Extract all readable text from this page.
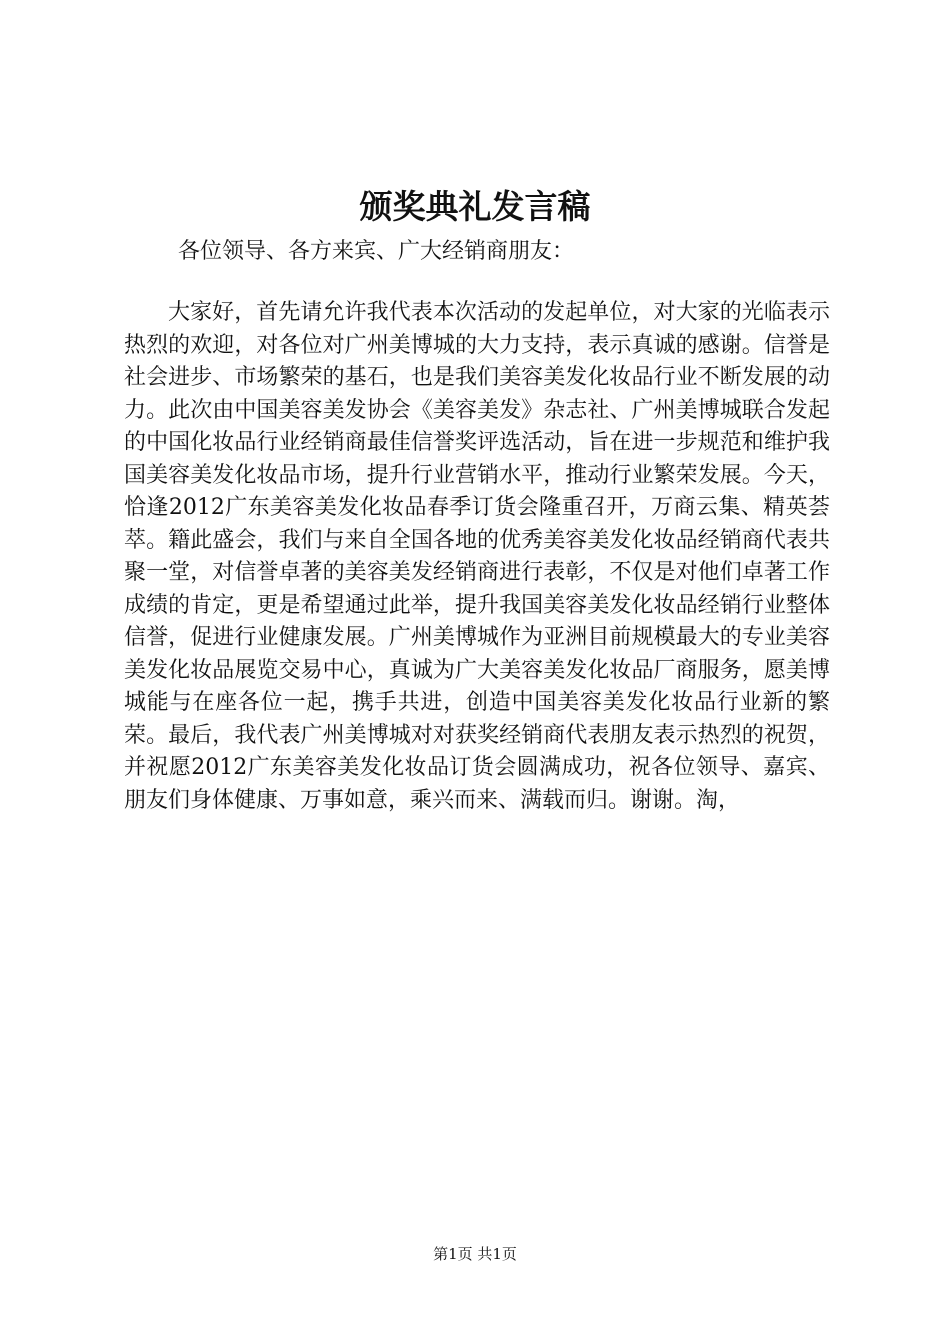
颁奖典礼发言稿

各位领导、各方来宾、广大经销商朋友：

大家好，首先请允许我代表本次活动的发起单位，对大家的光临表示热烈的欢迎，对各位对广州美博城的大力支持，表示真诚的感谢。信誉是社会进步、市场繁荣的基石，也是我们美容美发化妆品行业不断发展的动力。此次由中国美容美发协会《美容美发》杂志社、广州美博城联合发起的中国化妆品行业经销商最佳信誉奖评选活动，旨在进一步规范和维护我国美容美发化妆品市场，提升行业营销水平，推动行业繁荣发展。今天，恰逢2012广东美容美发化妆品春季订货会隆重召开，万商云集、精英荟萃。籍此盛会，我们与来自全国各地的优秀美容美发化妆品经销商代表共聚一堂，对信誉卓著的美容美发经销商进行表彰，不仅是对他们卓著工作成绩的肯定，更是希望通过此举，提升我国美容美发化妆品经销行业整体信誉，促进行业健康发展。广州美博城作为亚洲目前规模最大的专业美容美发化妆品展览交易中心，真诚为广大美容美发化妆品厂商服务，愿美博城能与在座各位一起，携手共进，创造中国美容美发化妆品行业新的繁荣。最后，我代表广州美博城对对获奖经销商代表朋友表示热烈的祝贺，并祝愿2012广东美容美发化妆品订货会圆满成功，祝各位领导、嘉宾、朋友们身体健康、万事如意，乘兴而来、满载而归。谢谢。淘，

第1页 共1页
